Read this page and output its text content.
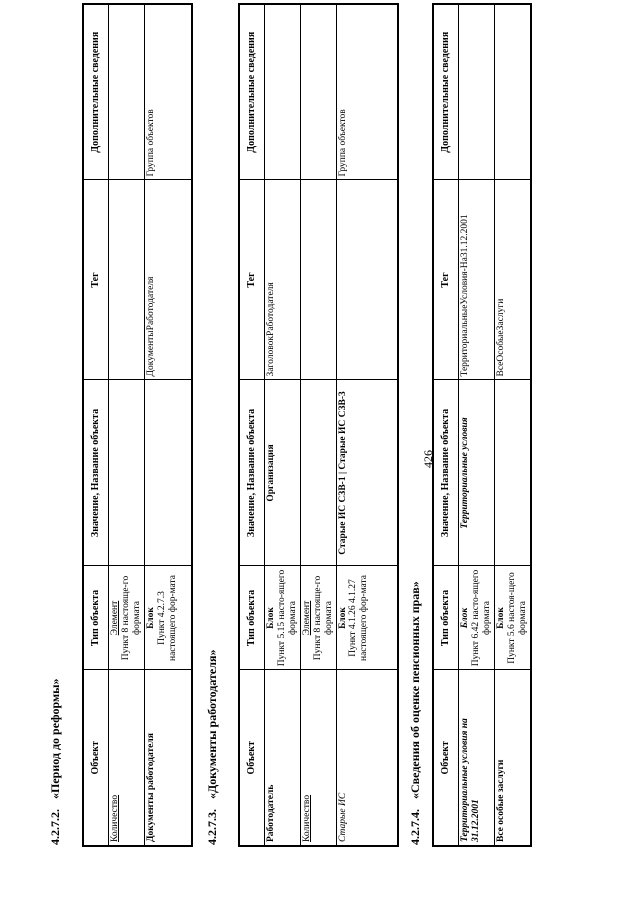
426
4.2.7.2.«Период до реформы»	Объект	Тип объекта	Значение, Название объекта	Тег	Дополнительные сведения
Количество	Элемент Пункт 8 настояще-го формата			

Документы работодателя	Блок Пункт 4.2.7.3 настоящего фор-мата		ДокументыРаботодателя	Группа объектов
4.2.7.3.«Документы работодателя»	Объект	Тип объекта	Значение, Название объекта	Тег	Дополнительные сведения
Работодатель	Блок Пункт 5.15 насто-ящего формата	Организация	ЗаголовокРаботодателя	
Количество	Элемент Пункт 8 настояще-го формата			

Старые ИС	Блок Пункт 4.1.26 4.1.27 настоящего фор-мата	Старые ИС СЗВ-1 | Старые ИС СЗВ-3		Группа объектов
4.2.7.4.«Сведения об оценке пенсионных прав» Объект	Тип объекта	Значение, Название объекта	Тег	Дополнительные сведения
Территориальные условия на 31.12.2001	Блок Пункт 6.42 насто-ящего формата	Территориальные условия	ТерриториальныеУсловия-На31.12.2001	
Все особые заслуги	Блок Пункт 5.6 настоя-щего формата		ВсеОсобыеЗаслуги	
